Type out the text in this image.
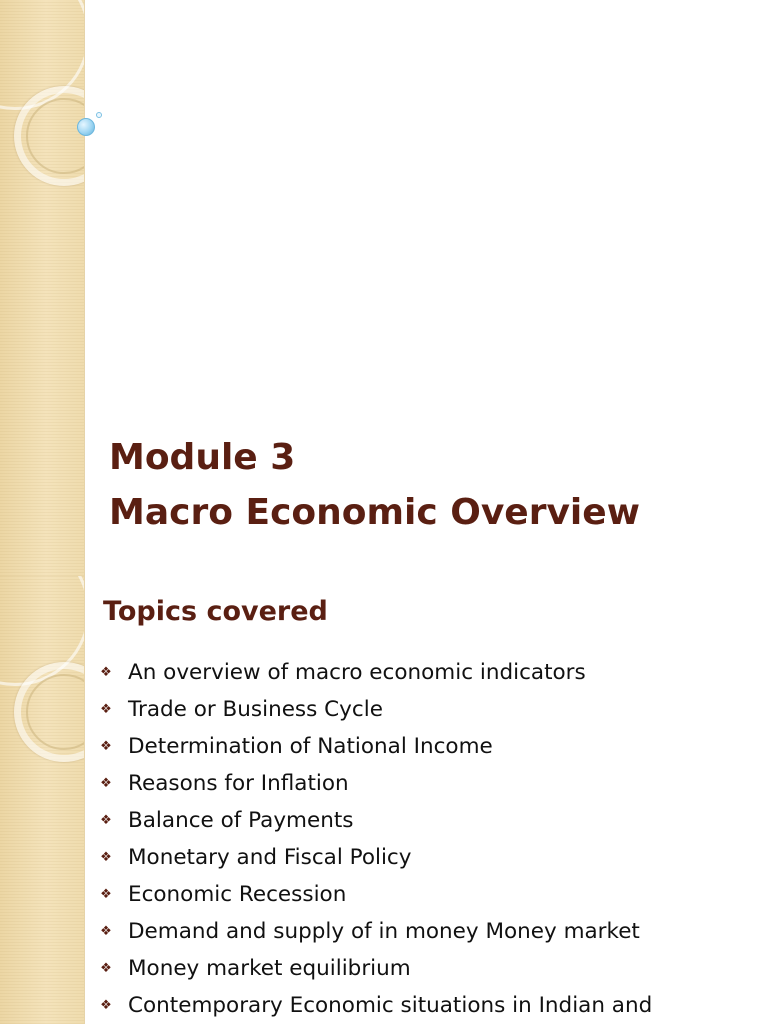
Module 3
Macro Economic Overview
Topics covered
❖ An overview of macro economic indicators
❖ Trade or Business Cycle
❖ Determination of National Income
❖ Reasons for Inflation
❖ Balance of Payments
❖ Monetary and Fiscal Policy
❖ Economic Recession
❖ Demand and supply of in money Money market
❖ Money market equilibrium
❖ Contemporary Economic situations in Indian and
